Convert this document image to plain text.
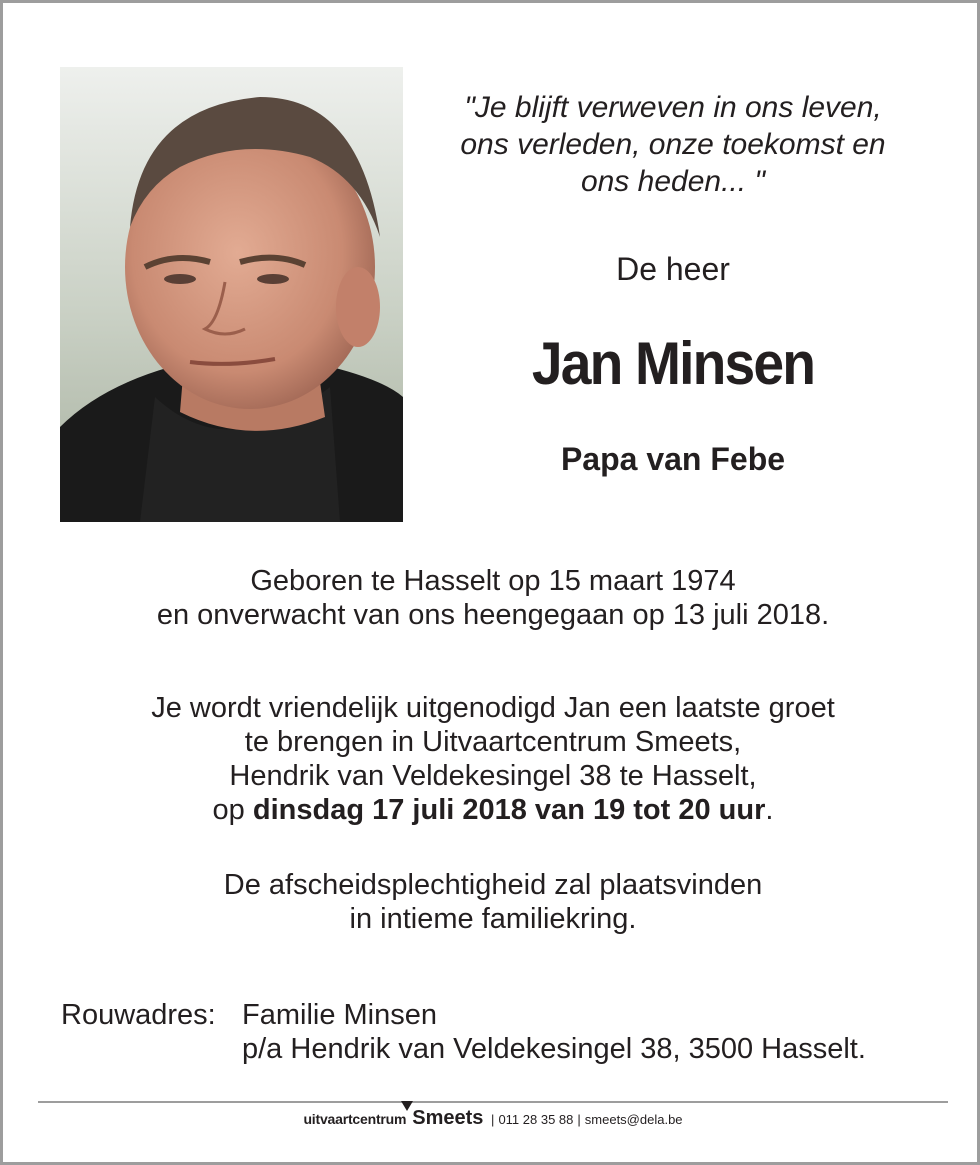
"Je blijft verweven in ons leven,
ons verleden, onze toekomst en
ons heden... "
De heer
Jan Minsen
Papa van Febe
Geboren te Hasselt op 15 maart 1974
en onverwacht van ons heengegaan op 13 juli 2018.
Je wordt vriendelijk uitgenodigd Jan een laatste groet
te brengen in Uitvaartcentrum Smeets,
Hendrik van Veldekesingel 38 te Hasselt,
op dinsdag 17 juli 2018 van 19 tot 20 uur.
De afscheidsplechtigheid zal plaatsvinden
in intieme familiekring.
Rouwadres: Familie Minsen
p/a Hendrik van Veldekesingel 38, 3500 Hasselt.
uitvaartcentrum Smeets | 011 28 35 88 | smeets@dela.be
